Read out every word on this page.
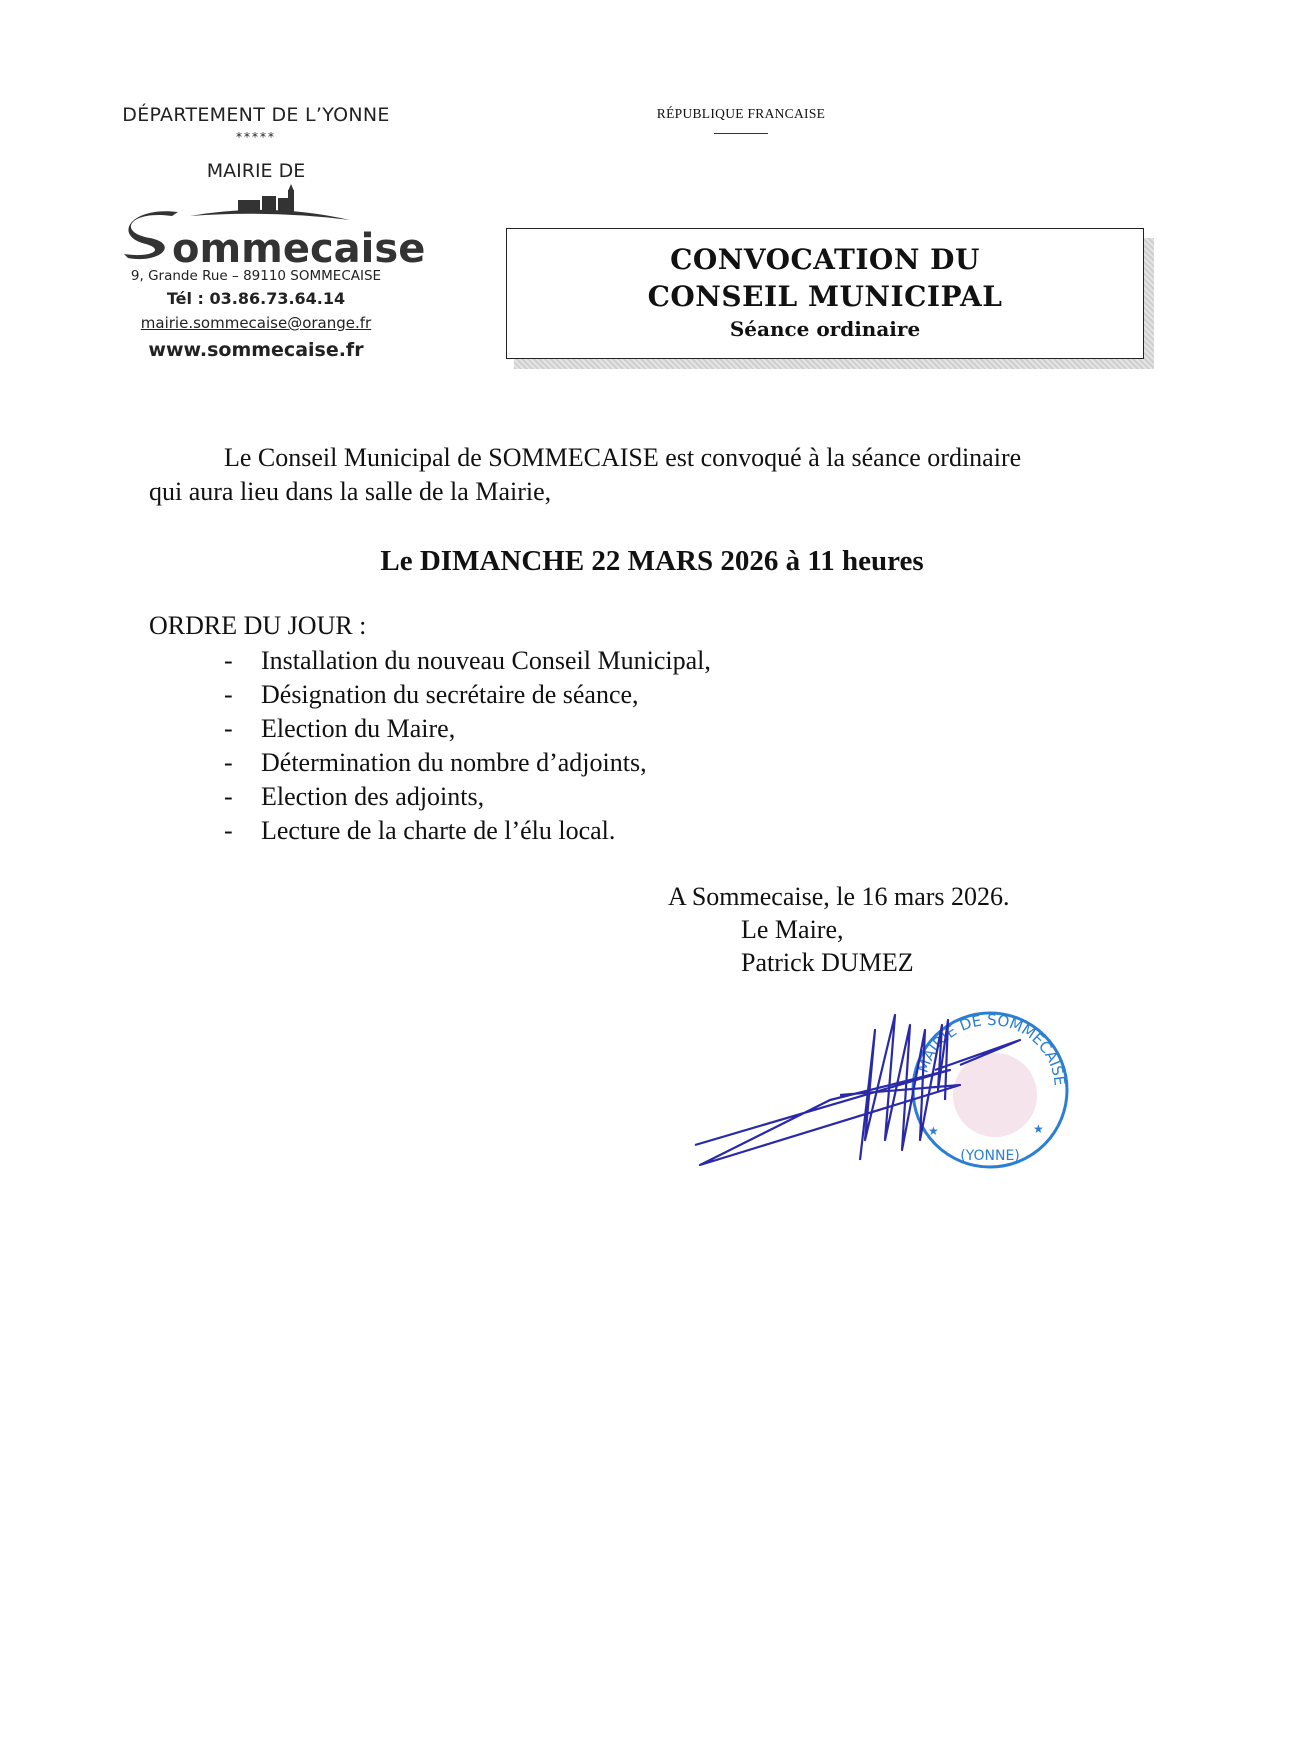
DÉPARTEMENT DE L’YONNE
*****
MAIRIE DE
ommecaise
9, Grande Rue – 89110 SOMMECAISE
Tél : 03.86.73.64.14
mairie.sommecaise@orange.fr
www.sommecaise.fr
RÉPUBLIQUE FRANCAISE
CONVOCATION DU
CONSEIL MUNICIPAL
Séance ordinaire
Le Conseil Municipal de SOMMECAISE est convoqué à la séance ordinaire
qui aura lieu dans la salle de la Mairie,
Le DIMANCHE 22 MARS 2026 à 11 heures
ORDRE DU JOUR :
- Installation du nouveau Conseil Municipal,
- Désignation du secrétaire de séance,
- Election du Maire,
- Détermination du nombre d’adjoints,
- Election des adjoints,
- Lecture de la charte de l’élu local.
A Sommecaise, le 16 mars 2026.
Le Maire,
Patrick DUMEZ
MAIRIE DE SOMMECAISE
(YONNE)
★	★
